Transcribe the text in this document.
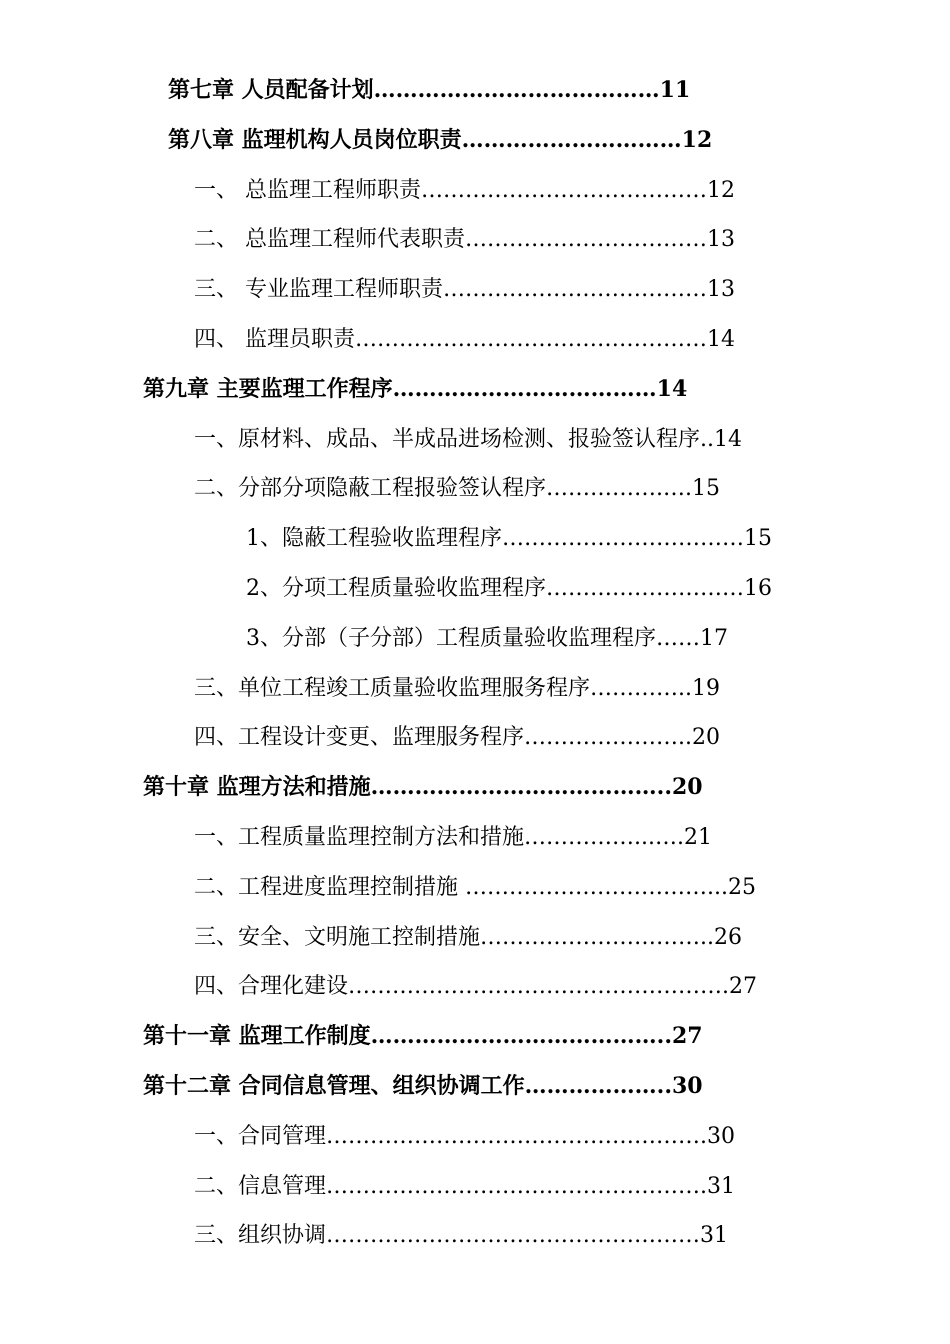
第七章 人员配备计划…………………………………11
第八章 监理机构人员岗位职责…………………………12
一、 总监理工程师职责…………………………………12
二、 总监理工程师代表职责……………………………13
三、 专业监理工程师职责………………………………13
四、 监理员职责…………………………………………14
第九章 主要监理工作程序………………………………14
一、原材料、成品、半成品进场检测、报验签认程序..14
二、分部分项隐蔽工程报验签认程序…………….….15
1、隐蔽工程验收监理程序……………………………15
2、分项工程质量验收监理程序………………………16
3、分部（子分部）工程质量验收监理程序……17
三、单位工程竣工质量验收监理服务程序…………..19
四、工程设计变更、监理服务程序…………………..20
第十章 监理方法和措施…………………………………..20
一、工程质量监理控制方法和措施……………...….21
二、工程进度监理控制措施 ……………………………...25
三、安全、文明施工控制措施…………………………..26
四、合理化建设…………………………………………….27
第十一章 监理工作制度…………………………………..27
第十二章 合同信息管理、组织协调工作………………..30
一、合同管理…………………………………………….30
二、信息管理…………………………………………….31
三、组织协调……………………………………………31
